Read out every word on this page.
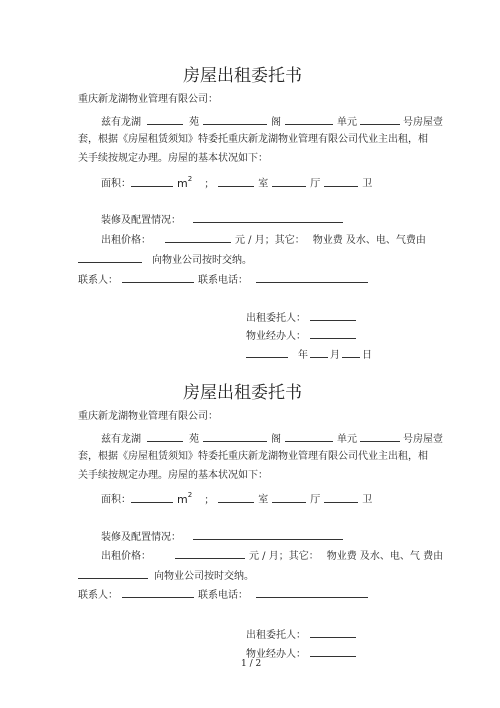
房屋出租委托书
重庆新龙湖物业管理有限公司：
兹有龙湖	苑	阁	单元	号房屋壹
套，根据《房屋租赁须知》特委托重庆新龙湖物业管理有限公司代业主出租，相
关手续按规定办理。房屋的基本状况如下：
面积：	$m^2$ ；	室	厅	卫
装修及配置情况：
出租价格：	元 / 月；其它： 物业费 及水、电、气费由
向物业公司按时交纳。
联系人：	联系电话：
出租委托人：
物业经办人：
年 月 日
房屋出租委托书
重庆新龙湖物业管理有限公司：
兹有龙湖	苑	阁	单元	号房屋壹
套，根据《房屋租赁须知》特委托重庆新龙湖物业管理有限公司代业主出租，相
关手续按规定办理。房屋的基本状况如下：
面积：	$m^2$ ；	室	厅	卫
装修及配置情况：
出租价格：	元 / 月；其它： 物业费 及水、电、气 费由
向物业公司按时交纳。
联系人：	联系电话：
出租委托人：
物业经办人：
1 / 2
